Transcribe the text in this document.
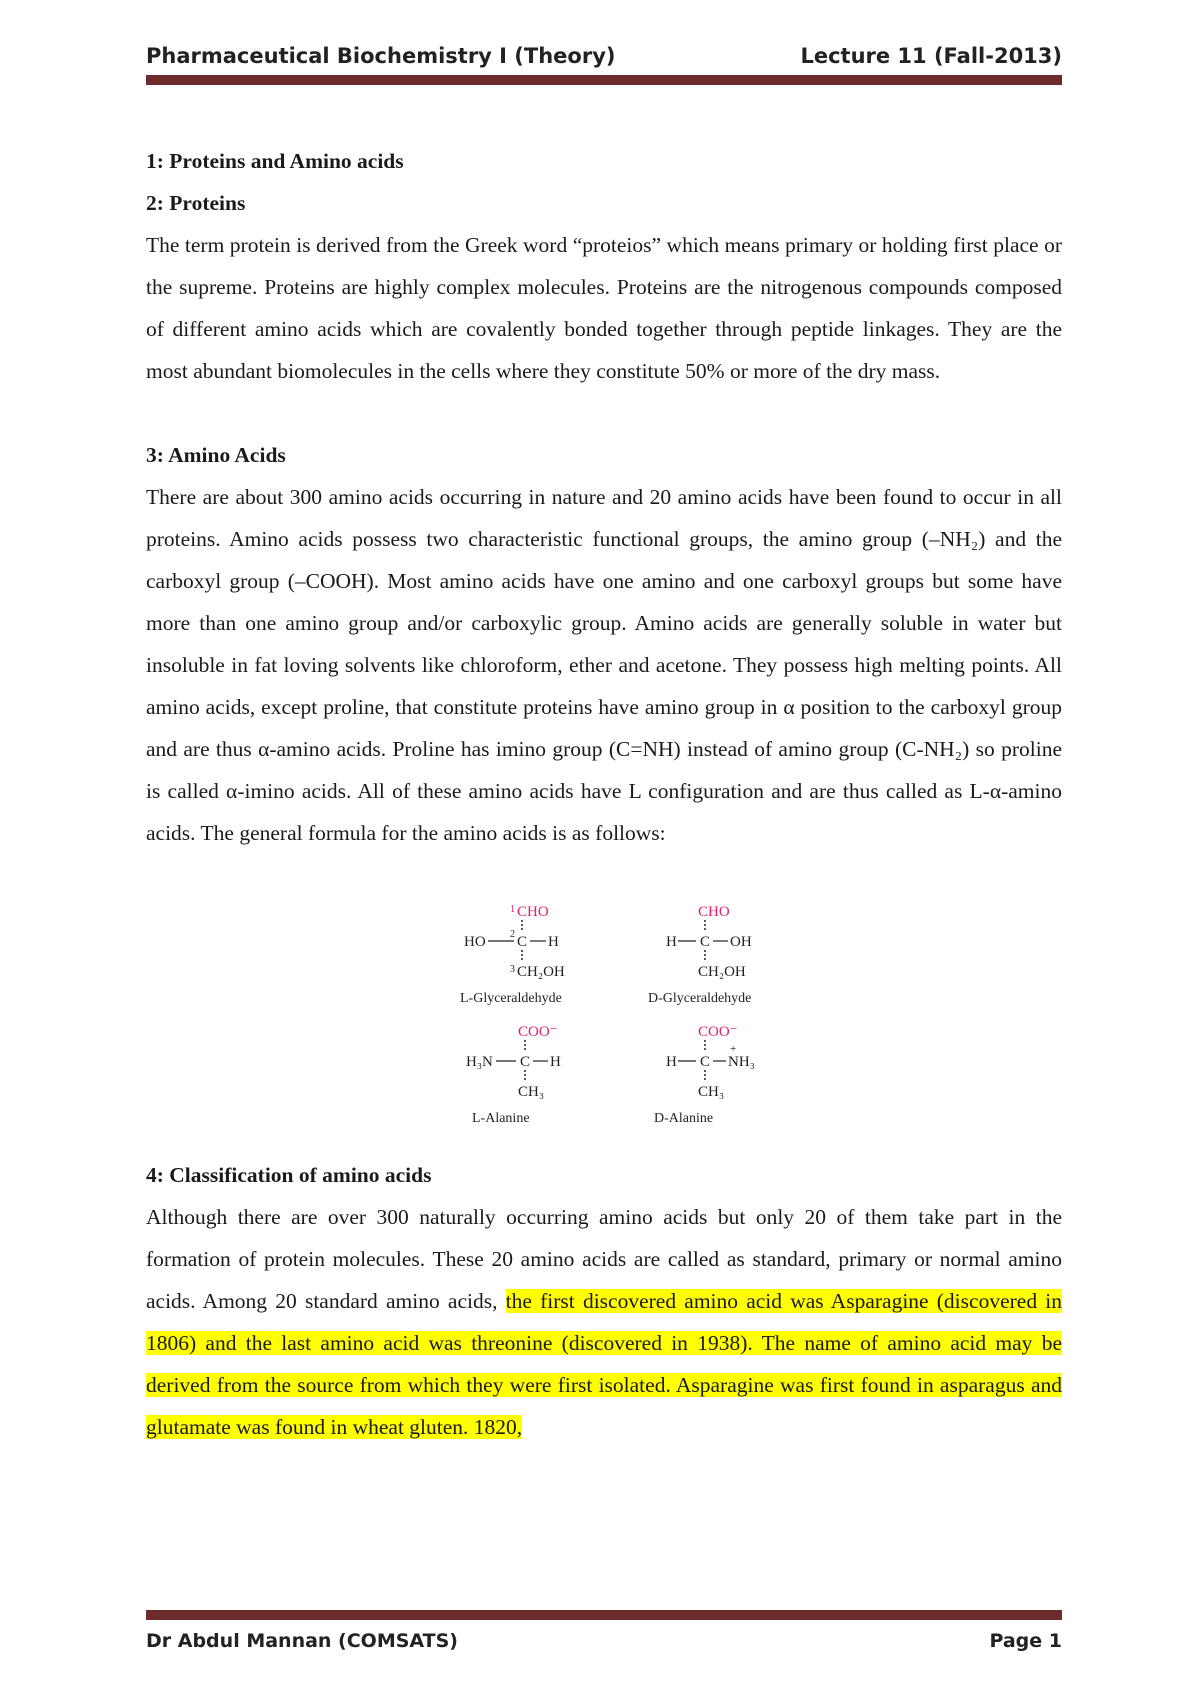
Pharmaceutical Biochemistry I (Theory)	Lecture 11 (Fall-2013)
1: Proteins and Amino acids
2: Proteins

The term protein is derived from the Greek word “proteios” which means primary or holding first place or the supreme. Proteins are highly complex molecules. Proteins are the nitrogenous compounds composed of different amino acids which are covalently bonded together through peptide linkages. They are the most abundant biomolecules in the cells where they constitute 50% or more of the dry mass.

3: Amino Acids

There are about 300 amino acids occurring in nature and 20 amino acids have been found to occur in all proteins. Amino acids possess two characteristic functional groups, the amino group (–NH₂) and the carboxyl group (–COOH). Most amino acids have one amino and one carboxyl groups but some have more than one amino group and/or carboxylic group. Amino acids are generally soluble in water but insoluble in fat loving solvents like chloroform, ether and acetone. They possess high melting points. All amino acids, except proline, that constitute proteins have amino group in α position to the carboxyl group and are thus α-amino acids. Proline has imino group (C=NH) instead of amino group (C-NH₂) so proline is called α-imino acids. All of these amino acids have L configuration and are thus called as L-α-amino acids. The general formula for the amino acids is as follows:

1 CHO
HO 2 C H
3 CH₂OH
L-Glyceraldehyde
CHO
H C OH
CH₂OH
D-Glyceraldehyde
COO⁻
H₃N C H
CH₃
L-Alanine
COO⁻
H C
+
NH₃
CH₃
D-Alanine
4: Classification of amino acids

Although there are over 300 naturally occurring amino acids but only 20 of them take part in the formation of protein molecules. These 20 amino acids are called as standard, primary or normal amino acids. Among 20 standard amino acids, the first discovered amino acid was Asparagine (discovered in 1806) and the last amino acid was threonine (discovered in 1938). The name of amino acid may be derived from the source from which they were first isolated. Asparagine was first found in asparagus and glutamate was found in wheat gluten. 1820,

Dr Abdul Mannan (COMSATS)	Page 1
